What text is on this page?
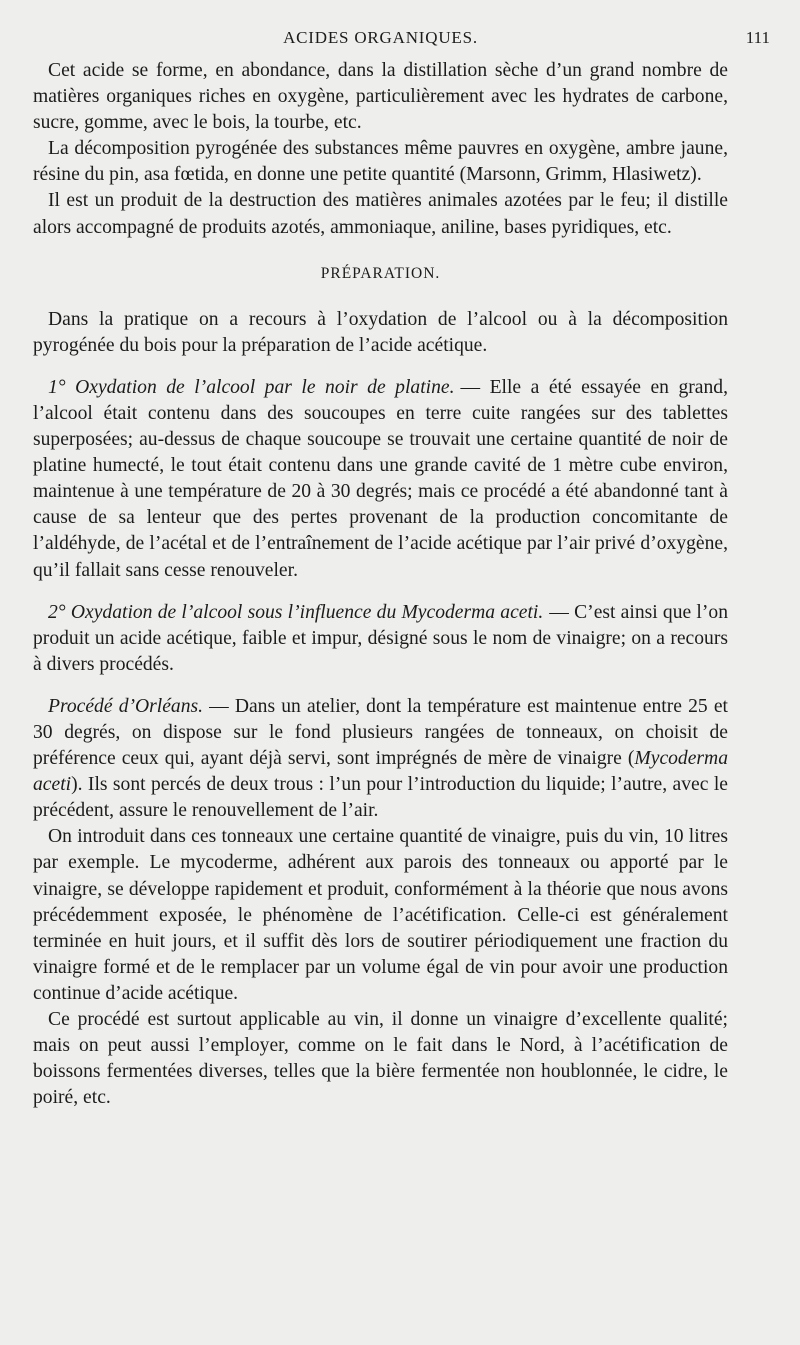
ACIDES ORGANIQUES.	111

Cet acide se forme, en abondance, dans la distillation sèche d’un grand nombre de matières organiques riches en oxygène, particulièrement avec les hydrates de carbone, sucre, gomme, avec le bois, la tourbe, etc.

La décomposition pyrogénée des substances même pauvres en oxygène, ambre jaune, résine du pin, asa fœtida, en donne une petite quantité (Marsonn, Grimm, Hlasiwetz).

Il est un produit de la destruction des matières animales azotées par le feu; il distille alors accompagné de produits azotés, ammoniaque, aniline, bases pyridiques, etc.

PRÉPARATION.

Dans la pratique on a recours à l’oxydation de l’alcool ou à la décomposition pyrogénée du bois pour la préparation de l’acide acétique.

1° Oxydation de l’alcool par le noir de platine. — Elle a été essayée en grand, l’alcool était contenu dans des soucoupes en terre cuite rangées sur des tablettes superposées; au-dessus de chaque soucoupe se trouvait une certaine quantité de noir de platine humecté, le tout était contenu dans une grande cavité de 1 mètre cube environ, maintenue à une température de 20 à 30 degrés; mais ce procédé a été abandonné tant à cause de sa lenteur que des pertes provenant de la production concomitante de l’aldéhyde, de l’acétal et de l’entraînement de l’acide acétique par l’air privé d’oxygène, qu’il fallait sans cesse renouveler.

2° Oxydation de l’alcool sous l’influence du Mycoderma aceti. — C’est ainsi que l’on produit un acide acétique, faible et impur, désigné sous le nom de vinaigre; on a recours à divers procédés.

Procédé d’Orléans. — Dans un atelier, dont la température est maintenue entre 25 et 30 degrés, on dispose sur le fond plusieurs rangées de tonneaux, on choisit de préférence ceux qui, ayant déjà servi, sont imprégnés de mère de vinaigre (Mycoderma aceti). Ils sont percés de deux trous : l’un pour l’introduction du liquide; l’autre, avec le précédent, assure le renouvellement de l’air.

On introduit dans ces tonneaux une certaine quantité de vinaigre, puis du vin, 10 litres par exemple. Le mycoderme, adhérent aux parois des tonneaux ou apporté par le vinaigre, se développe rapidement et produit, conformément à la théorie que nous avons précédemment exposée, le phénomène de l’acétification. Celle-ci est généralement terminée en huit jours, et il suffit dès lors de soutirer périodiquement une fraction du vinaigre formé et de le remplacer par un volume égal de vin pour avoir une production continue d’acide acétique.

Ce procédé est surtout applicable au vin, il donne un vinaigre d’excellente qualité; mais on peut aussi l’employer, comme on le fait dans le Nord, à l’acétification de boissons fermentées diverses, telles que la bière fermentée non houblonnée, le cidre, le poiré, etc.
